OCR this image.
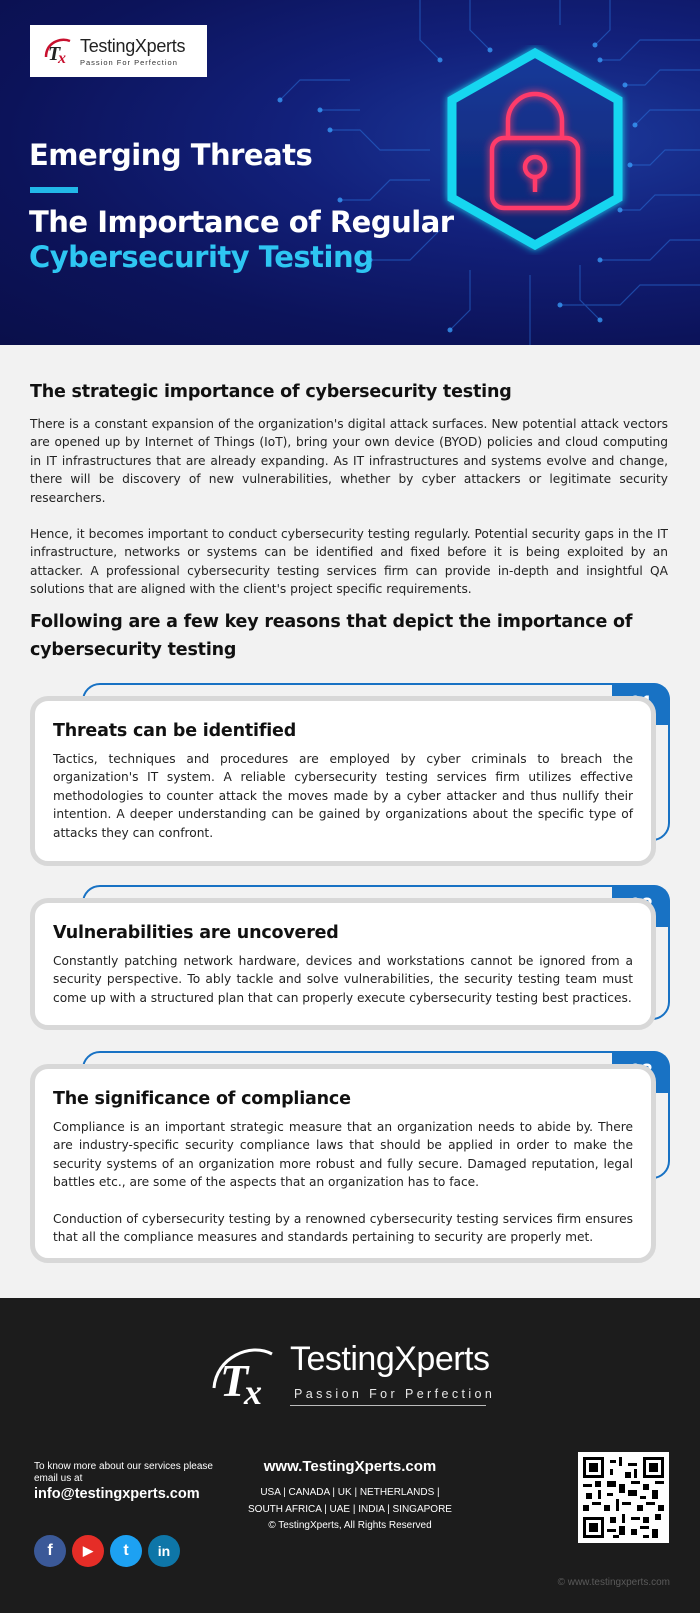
T
x
TestingXperts
Passion For Perfection
Emerging Threats
The Importance of Regular
Cybersecurity Testing
The strategic importance of cybersecurity testing

There is a constant expansion of the organization's digital attack surfaces. New potential attack vectors are opened up by Internet of Things (IoT), bring your own device (BYOD) policies and cloud computing in IT infrastructures that are already expanding. As IT infrastructures and systems evolve and change, there will be discovery of new vulnerabilities, whether by cyber attackers or legitimate security researchers.

Hence, it becomes important to conduct cybersecurity testing regularly. Potential security gaps in the IT infrastructure, networks or systems can be identified and fixed before it is being exploited by an attacker. A professional cybersecurity testing services firm can provide in-depth and insightful QA solutions that are aligned with the client's project specific requirements.

Following are a few key reasons that depict the importance of cybersecurity testing
Threats can be identified

Tactics, techniques and procedures are employed by cyber criminals to breach the organization's IT system. A reliable cybersecurity testing services firm utilizes effective methodologies to counter attack the moves made by a cyber attacker and thus nullify their intention. A deeper understanding can be gained by organizations about the specific type of attacks they can confront.

Vulnerabilities are uncovered

Constantly patching network hardware, devices and workstations cannot be ignored from a security perspective. To ably tackle and solve vulnerabilities, the security testing team must come up with a structured plan that can properly execute cybersecurity testing best practices.

The significance of compliance

Compliance is an important strategic measure that an organization needs to abide by. There are industry-specific security compliance laws that should be applied in order to make the security systems of an organization more robust and fully secure. Damaged reputation, legal battles etc., are some of the aspects that an organization has to face.

Conduction of cybersecurity testing by a renowned cybersecurity testing services firm ensures that all the compliance measures and standards pertaining to security are properly met.

T
x
TestingXperts
Passion For Perfection
To know more about our services please email us at
info@testingxperts.com
www.TestingXperts.com
USA | CANADA | UK | NETHERLANDS |
SOUTH AFRICA | UAE | INDIA | SINGAPORE
© TestingXperts, All Rights Reserved
f	▶	t	in
© www.testingxperts.com
